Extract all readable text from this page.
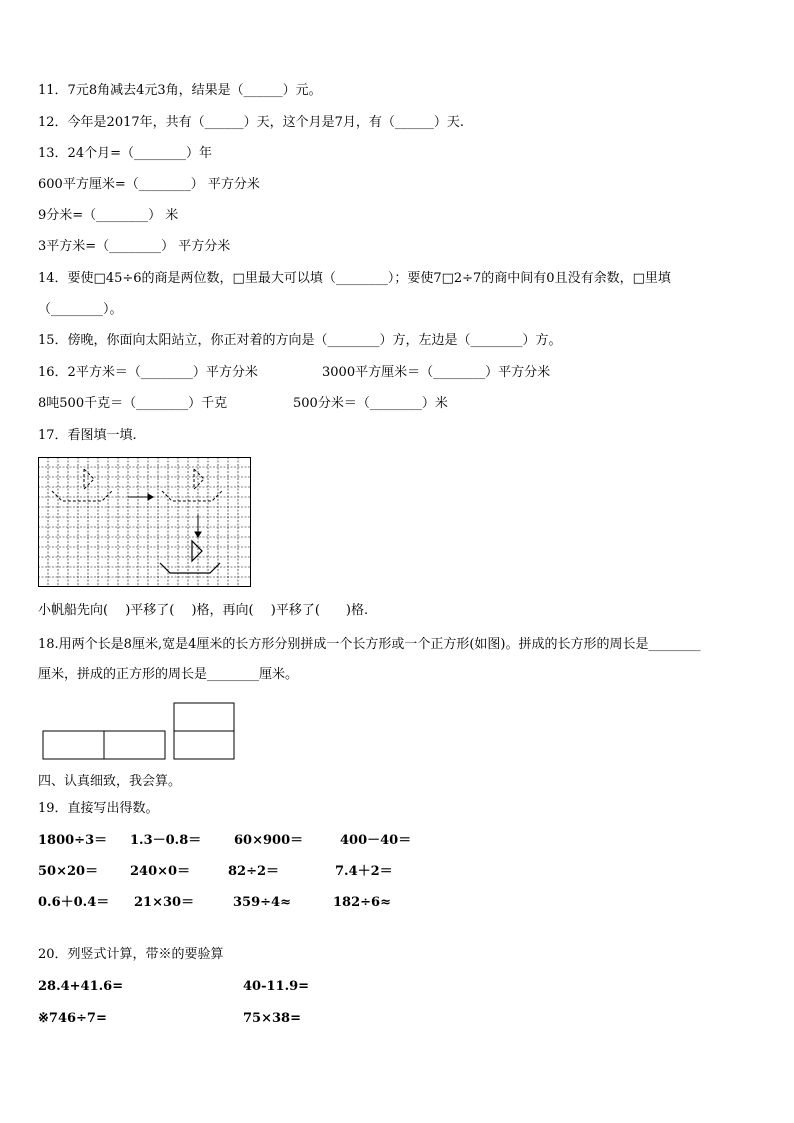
11．7元8角减去4元3角，结果是（______）元。
12．今年是2017年，共有（______）天，这个月是7月，有（______）天.
13．24个月=（________）年
600平方厘米=（________） 平方分米
9分米=（________） 米
3平方米=（________） 平方分米
14．要使□45÷6的商是两位数，□里最大可以填（________）；要使7□2÷7的商中间有0且没有余数，□里填
（________）。
15．傍晚，你面向太阳站立，你正对着的方向是（________）方，左边是（________）方。
16．2平方米＝（________）平方分米	3000平方厘米＝（________）平方分米
8吨500千克＝（________）千克	500分米＝（________）米
17．看图填一填.
小帆船先向(　 )平移了(　 )格，再向(　 )平移了(　　)格.
18.用两个长是8厘米,宽是4厘米的长方形分别拼成一个长方形或一个正方形(如图)。拼成的长方形的周长是________
厘米，拼成的正方形的周长是________厘米。
四、认真细致，我会算。
19．直接写出得数。
1800÷3＝ 1.3－0.8＝	60×900＝	400－40＝
50×20＝ 240×0＝	82÷2＝	7.4＋2＝
0.6＋0.4＝ 21×30＝	359÷4≈	182÷6≈
20．列竖式计算，带※的要验算
28.4+41.6=	40-11.9=
※746÷7=	75×38=
